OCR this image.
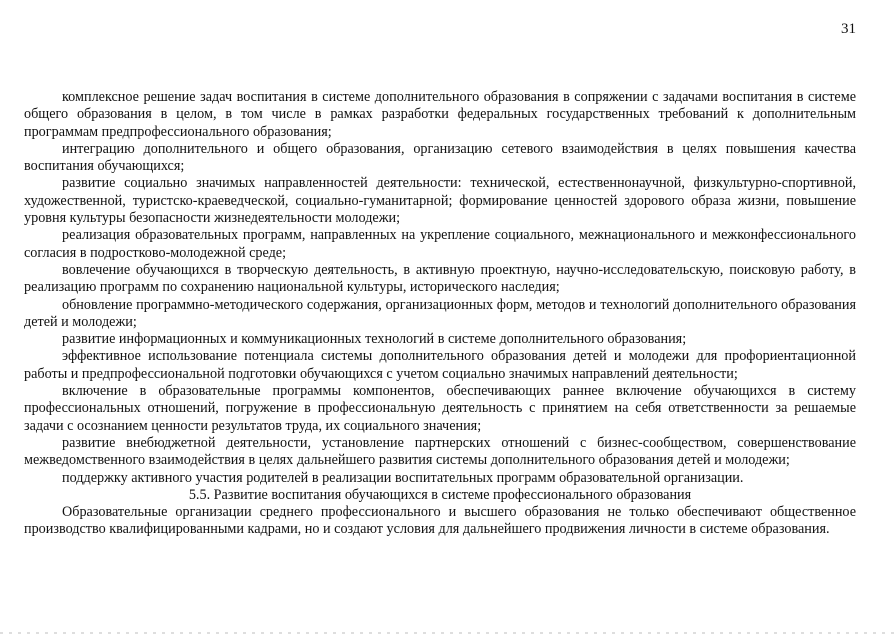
31

комплексное решение задач воспитания в системе дополнительного образования в сопряжении с задачами воспитания в системе общего образования в целом, в том числе в рамках разработки федеральных государственных требований к дополнительным программам предпрофессионального образования;

интеграцию дополнительного и общего образования, организацию сетевого взаимодействия в целях повышения качества воспитания обучающихся;

развитие социально значимых направленностей деятельности: технической, естественнонаучной, физкультурно-спортивной, художественной, туристско-краеведческой, социально-гуманитарной; формирование ценностей здорового образа жизни, повышение уровня культуры безопасности жизнедеятельности молодежи;

реализация образовательных программ, направленных на укрепление социального, межнационального и межконфессионального согласия в подростково-молодежной среде;

вовлечение обучающихся в творческую деятельность, в активную проектную, научно-исследовательскую, поисковую работу, в реализацию программ по сохранению национальной культуры, исторического наследия;

обновление программно-методического содержания, организационных форм, методов и технологий дополнительного образования детей и молодежи;

развитие информационных и коммуникационных технологий в системе дополнительного образования;

эффективное использование потенциала системы дополнительного образования детей и молодежи для профориентационной работы и предпрофессиональной подготовки обучающихся с учетом социально значимых направлений деятельности;

включение в образовательные программы компонентов, обеспечивающих раннее включение обучающихся в систему профессиональных отношений, погружение в профессиональную деятельность с принятием на себя ответственности за решаемые задачи с осознанием ценности результатов труда, их социального значения;

развитие внебюджетной деятельности, установление партнерских отношений с бизнес-сообществом, совершенствование межведомственного взаимодействия в целях дальнейшего развития системы дополнительного образования детей и молодежи;

поддержку активного участия родителей в реализации воспитательных программ образовательной организации.

5.5. Развитие воспитания обучающихся в системе профессионального образования

Образовательные организации среднего профессионального и высшего образования не только обеспечивают общественное производство квалифицированными кадрами, но и создают условия для дальнейшего продвижения личности в системе образования.
